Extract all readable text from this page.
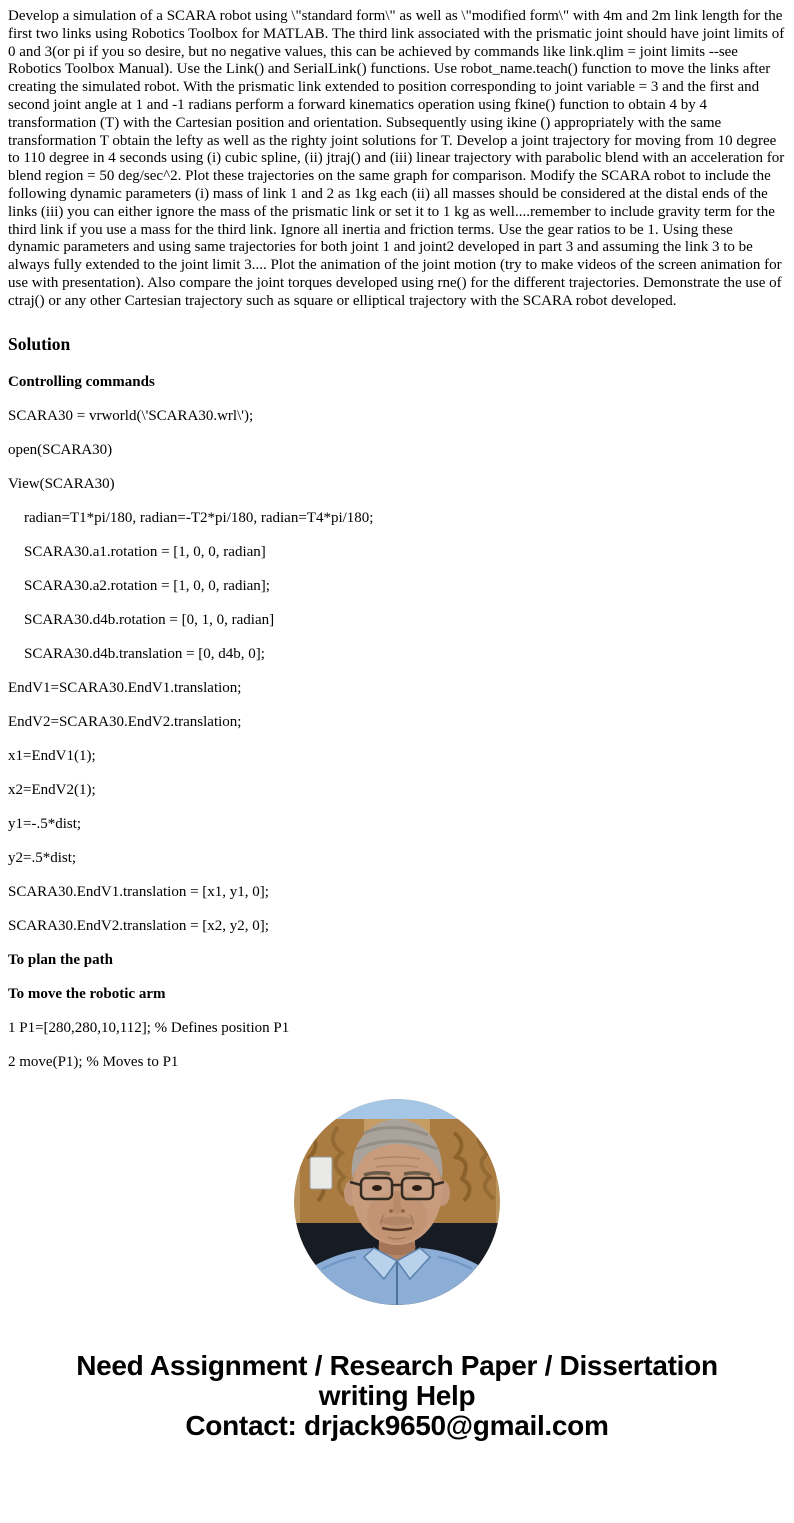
Develop a simulation of a SCARA robot using \"standard form\" as well as \"modified form\" with 4m and 2m link length for the first two links using Robotics Toolbox for MATLAB. The third link associated with the prismatic joint should have joint limits of 0 and 3(or pi if you so desire, but no negative values, this can be achieved by commands like link.qlim = joint limits --see Robotics Toolbox Manual). Use the Link() and SerialLink() functions. Use robot_name.teach() function to move the links after creating the simulated robot. With the prismatic link extended to position corresponding to joint variable = 3 and the first and second joint angle at 1 and -1 radians perform a forward kinematics operation using fkine() function to obtain 4 by 4 transformation (T) with the Cartesian position and orientation. Subsequently using ikine () appropriately with the same transformation T obtain the lefty as well as the righty joint solutions for T. Develop a joint trajectory for moving from 10 degree to 110 degree in 4 seconds using (i) cubic spline, (ii) jtraj() and (iii) linear trajectory with parabolic blend with an acceleration for blend region = 50 deg/sec^2. Plot these trajectories on the same graph for comparison. Modify the SCARA robot to include the following dynamic parameters (i) mass of link 1 and 2 as 1kg each (ii) all masses should be considered at the distal ends of the links (iii) you can either ignore the mass of the prismatic link or set it to 1 kg as well....remember to include gravity term for the third link if you use a mass for the third link. Ignore all inertia and friction terms. Use the gear ratios to be 1. Using these dynamic parameters and using same trajectories for both joint 1 and joint2 developed in part 3 and assuming the link 3 to be always fully extended to the joint limit 3.... Plot the animation of the joint motion (try to make videos of the screen animation for use with presentation). Also compare the joint torques developed using rne() for the different trajectories. Demonstrate the use of ctraj() or any other Cartesian trajectory such as square or elliptical trajectory with the SCARA robot developed.

Solution
Controlling commands

SCARA30 = vrworld(\'SCARA30.wrl\');

open(SCARA30)

View(SCARA30)

radian=T1*pi/180, radian=-T2*pi/180, radian=T4*pi/180;

SCARA30.a1.rotation = [1, 0, 0, radian]

SCARA30.a2.rotation = [1, 0, 0, radian];

SCARA30.d4b.rotation = [0, 1, 0, radian]

SCARA30.d4b.translation = [0, d4b, 0];

EndV1=SCARA30.EndV1.translation;

EndV2=SCARA30.EndV2.translation;

x1=EndV1(1);

x2=EndV2(1);

y1=-.5*dist;

y2=.5*dist;

SCARA30.EndV1.translation = [x1, y1, 0];

SCARA30.EndV2.translation = [x2, y2, 0];

To plan the path
To move the robotic arm

1 P1=[280,280,10,112]; % Defines position P1

2 move(P1); % Moves to P1

Need Assignment / Research Paper / Dissertation
writing Help
Contact: drjack9650@gmail.com
